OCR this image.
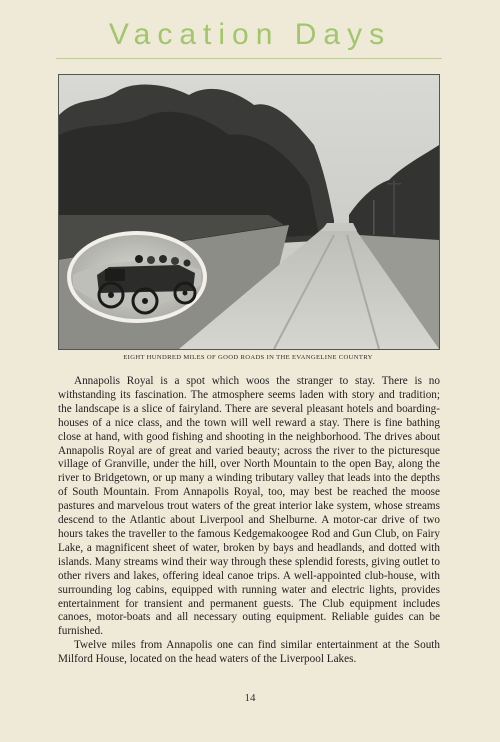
Vacation Days
EIGHT HUNDRED MILES OF GOOD ROADS IN THE EVANGELINE COUNTRY

Annapolis Royal is a spot which woos the stranger to stay. There is no withstanding its fascination. The atmosphere seems laden with story and tradition; the landscape is a slice of fairyland. There are several pleasant hotels and boarding-houses of a nice class, and the town will well reward a stay. There is fine bathing close at hand, with good fishing and shooting in the neighborhood. The drives about Annapolis Royal are of great and varied beauty; across the river to the picturesque village of Granville, under the hill, over North Mountain to the open Bay, along the river to Bridgetown, or up many a winding tributary valley that leads into the depths of South Mountain. From Annapolis Royal, too, may best be reached the moose pastures and marvelous trout waters of the great interior lake system, whose streams descend to the Atlantic about Liverpool and Shelburne. A motor-car drive of two hours takes the traveller to the famous Kedgemakoogee Rod and Gun Club, on Fairy Lake, a magnificent sheet of water, broken by bays and headlands, and dotted with islands. Many streams wind their way through these splendid forests, giving outlet to other rivers and lakes, offering ideal canoe trips. A well-appointed club-house, with surrounding log cabins, equipped with running water and electric lights, provides entertainment for transient and permanent guests. The Club equipment includes canoes, motor-boats and all necessary outing equipment. Reliable guides can be furnished.

Twelve miles from Annapolis one can find similar entertainment at the South Milford House, located on the head waters of the Liverpool Lakes.

14
